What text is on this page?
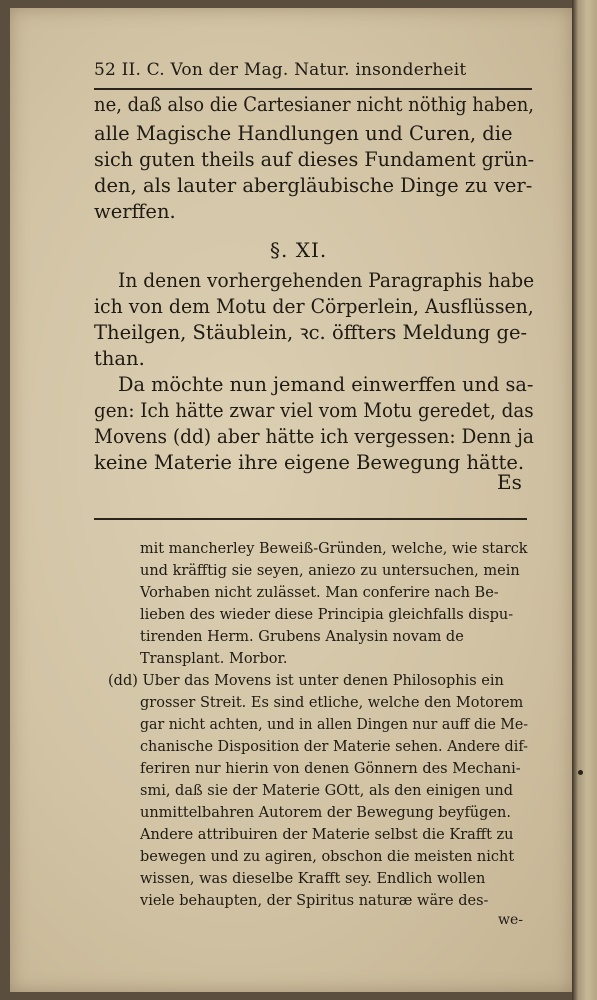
52 II. C. Von der Mag. Natur. insonderheit
ne, daß also die Cartesianer nicht nöthig haben,
alle Magische Handlungen und Curen, die
sich guten theils auf dieses Fundament grün-
den, als lauter abergläubische Dinge zu ver-
werffen.
§. XI.
In denen vorhergehenden Paragraphis habe
ich von dem Motu der Cörperlein, Ausflüssen,
Theilgen, Stäublein, ꝛc. öffters Meldung ge-
than.
Da möchte nun jemand einwerffen und sa-
gen: Ich hätte zwar viel vom Motu geredet, das
Movens (dd) aber hätte ich vergessen: Denn ja
keine Materie ihre eigene Bewegung hätte.
Es
mit mancherley Beweiß-Gründen, welche, wie starck
und kräfftig sie seyen, aniezo zu untersuchen, mein
Vorhaben nicht zulässet. Man conferire nach Be-
lieben des wieder diese Principia gleichfalls dispu-
tirenden Herm. Grubens Analysin novam de
Transplant. Morbor.
(dd) Uber das Movens ist unter denen Philosophis ein
grosser Streit. Es sind etliche, welche den Motorem
gar nicht achten, und in allen Dingen nur auff die Me-
chanische Disposition der Materie sehen. Andere dif-
feriren nur hierin von denen Gönnern des Mechani-
smi, daß sie der Materie GOtt, als den einigen und
unmittelbahren Autorem der Bewegung beyfügen.
Andere attribuiren der Materie selbst die Krafft zu
bewegen und zu agiren, obschon die meisten nicht
wissen, was dieselbe Krafft sey. Endlich wollen
viele behaupten, der Spiritus naturæ wäre des-
we-
